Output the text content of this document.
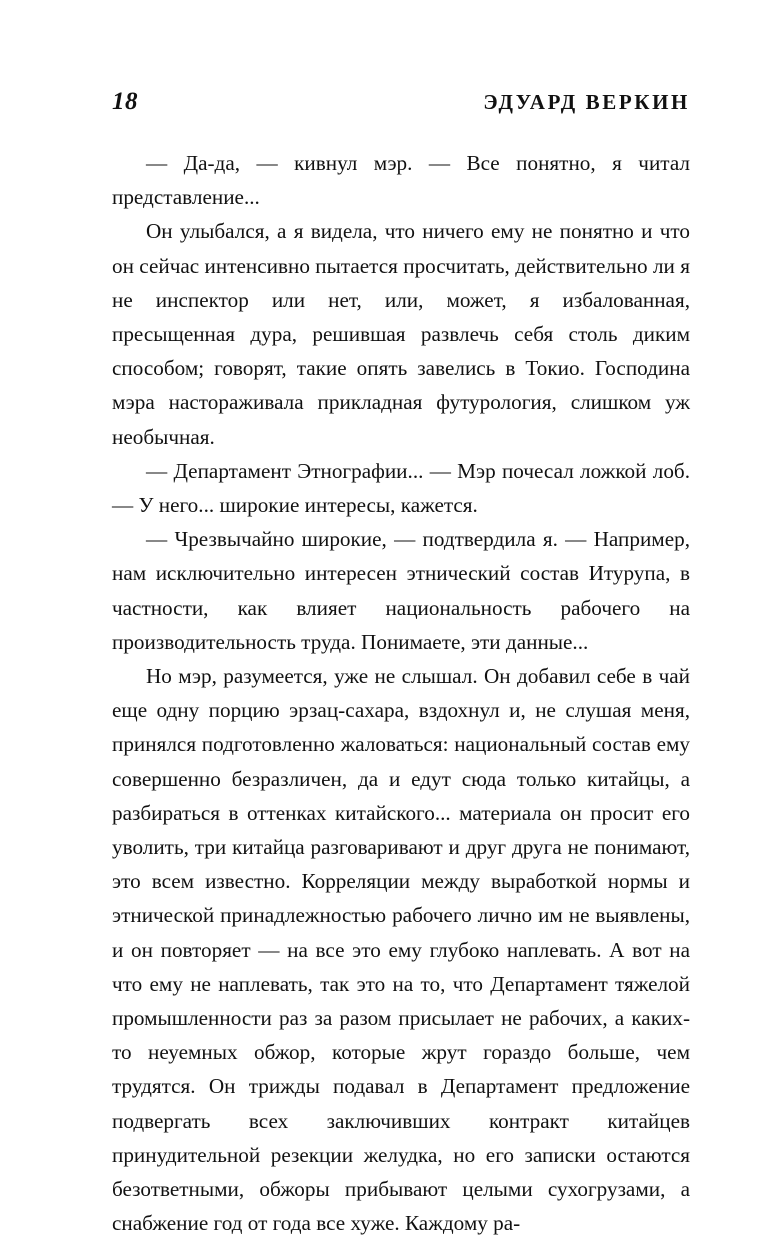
18	ЭДУАРД ВЕРКИН

— Да-да, — кивнул мэр. — Все понятно, я читал представление...

Он улыбался, а я видела, что ничего ему не понятно и что он сейчас интенсивно пытается просчитать, действительно ли я не инспектор или нет, или, может, я избалованная, пресыщенная дура, решившая развлечь себя столь диким способом; говорят, такие опять завелись в Токио. Господина мэра настораживала прикладная футурология, слишком уж необычная.

— Департамент Этнографии... — Мэр почесал ложкой лоб. — У него... широкие интересы, кажется.

— Чрезвычайно широкие, — подтвердила я. — Например, нам исключительно интересен этнический состав Итурупа, в частности, как влияет национальность рабочего на производительность труда. Понимаете, эти данные...

Но мэр, разумеется, уже не слышал. Он добавил себе в чай еще одну порцию эрзац-сахара, вздохнул и, не слушая меня, принялся подготовленно жаловаться: национальный состав ему совершенно безразличен, да и едут сюда только китайцы, а разбираться в оттенках китайского... материала он просит его уволить, три китайца разговаривают и друг друга не понимают, это всем известно. Корреляции между выработкой нормы и этнической принадлежностью рабочего лично им не выявлены, и он повторяет — на все это ему глубоко наплевать. А вот на что ему не наплевать, так это на то, что Департамент тяжелой промышленности раз за разом присылает не рабочих, а каких-то неуемных обжор, которые жрут гораздо больше, чем трудятся. Он трижды подавал в Департамент предложение подвергать всех заключивших контракт китайцев принудительной резекции желудка, но его записки остаются безответными, обжоры прибывают целыми сухогрузами, а снабжение год от года все хуже. Каждому ра-
